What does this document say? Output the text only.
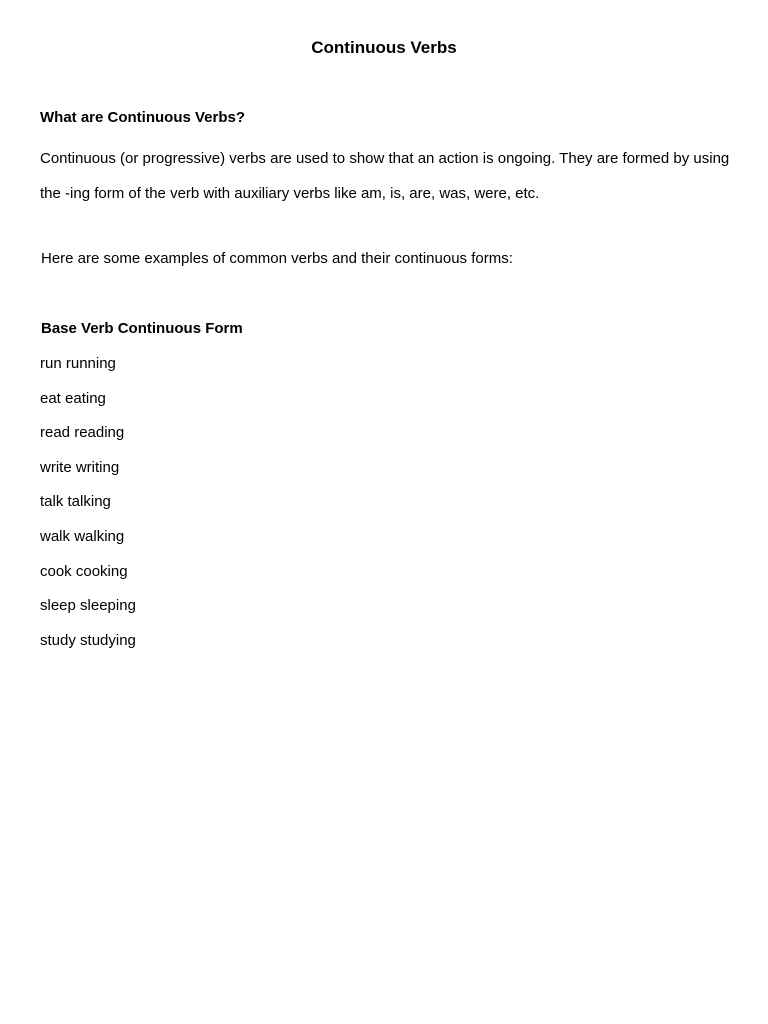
Continuous Verbs
What are Continuous Verbs?

Continuous (or progressive) verbs are used to show that an action is ongoing. They are formed by using the -ing form of the verb with auxiliary verbs like am, is, are, was, were, etc.

Here are some examples of common verbs and their continuous forms:

Base Verb Continuous Form
run running
eat eating
read reading
write writing
talk talking
walk walking
cook cooking
sleep sleeping
study studying
